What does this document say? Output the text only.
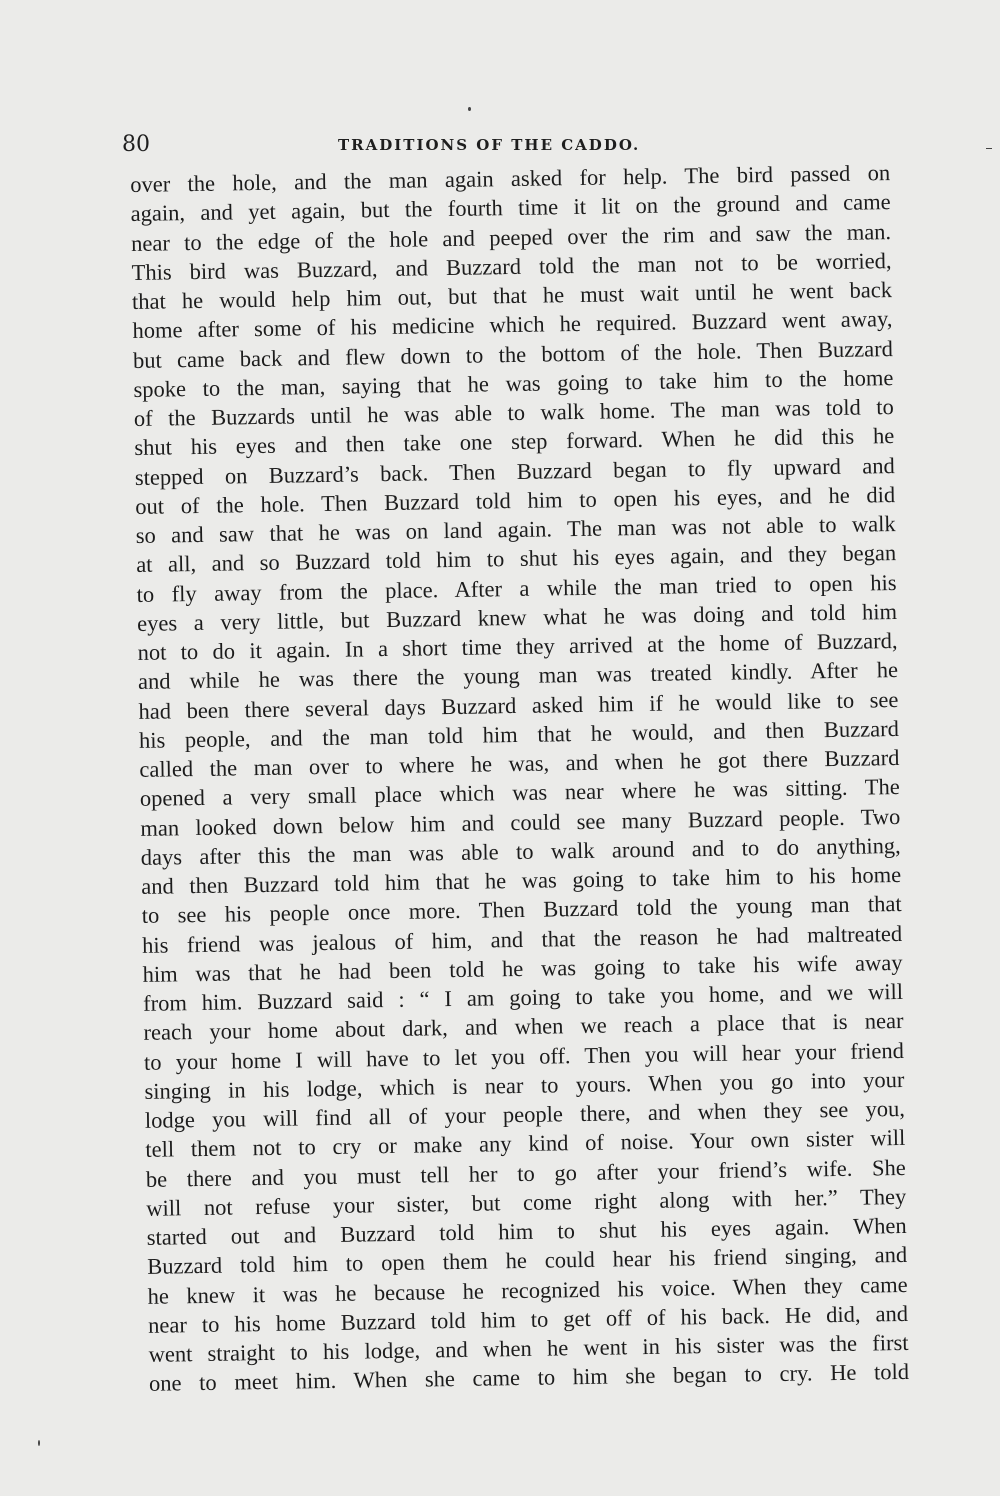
80	TRADITIONS OF THE CADDO.
over the hole, and the man again asked for help. The bird passed on
again, and yet again, but the fourth time it lit on the ground and came
near to the edge of the hole and peeped over the rim and saw the man.
This bird was Buzzard, and Buzzard told the man not to be worried,
that he would help him out, but that he must wait until he went back
home after some of his medicine which he required. Buzzard went away,
but came back and flew down to the bottom of the hole. Then Buzzard
spoke to the man, saying that he was going to take him to the home
of the Buzzards until he was able to walk home. The man was told to
shut his eyes and then take one step forward. When he did this he
stepped on Buzzard’s back. Then Buzzard began to fly upward and
out of the hole. Then Buzzard told him to open his eyes, and he did
so and saw that he was on land again. The man was not able to walk
at all, and so Buzzard told him to shut his eyes again, and they began
to fly away from the place. After a while the man tried to open his
eyes a very little, but Buzzard knew what he was doing and told him
not to do it again. In a short time they arrived at the home of Buzzard,
and while he was there the young man was treated kindly. After he
had been there several days Buzzard asked him if he would like to see
his people, and the man told him that he would, and then Buzzard
called the man over to where he was, and when he got there Buzzard
opened a very small place which was near where he was sitting. The
man looked down below him and could see many Buzzard people. Two
days after this the man was able to walk around and to do anything,
and then Buzzard told him that he was going to take him to his home
to see his people once more. Then Buzzard told the young man that
his friend was jealous of him, and that the reason he had maltreated
him was that he had been told he was going to take his wife away
from him. Buzzard said : “ I am going to take you home, and we will
reach your home about dark, and when we reach a place that is near
to your home I will have to let you off. Then you will hear your friend
singing in his lodge, which is near to yours. When you go into your
lodge you will find all of your people there, and when they see you,
tell them not to cry or make any kind of noise. Your own sister will
be there and you must tell her to go after your friend’s wife. She
will not refuse your sister, but come right along with her.” They
started out and Buzzard told him to shut his eyes again. When
Buzzard told him to open them he could hear his friend singing, and
he knew it was he because he recognized his voice. When they came
near to his home Buzzard told him to get off of his back. He did, and
went straight to his lodge, and when he went in his sister was the first
one to meet him. When she came to him she began to cry. He told
